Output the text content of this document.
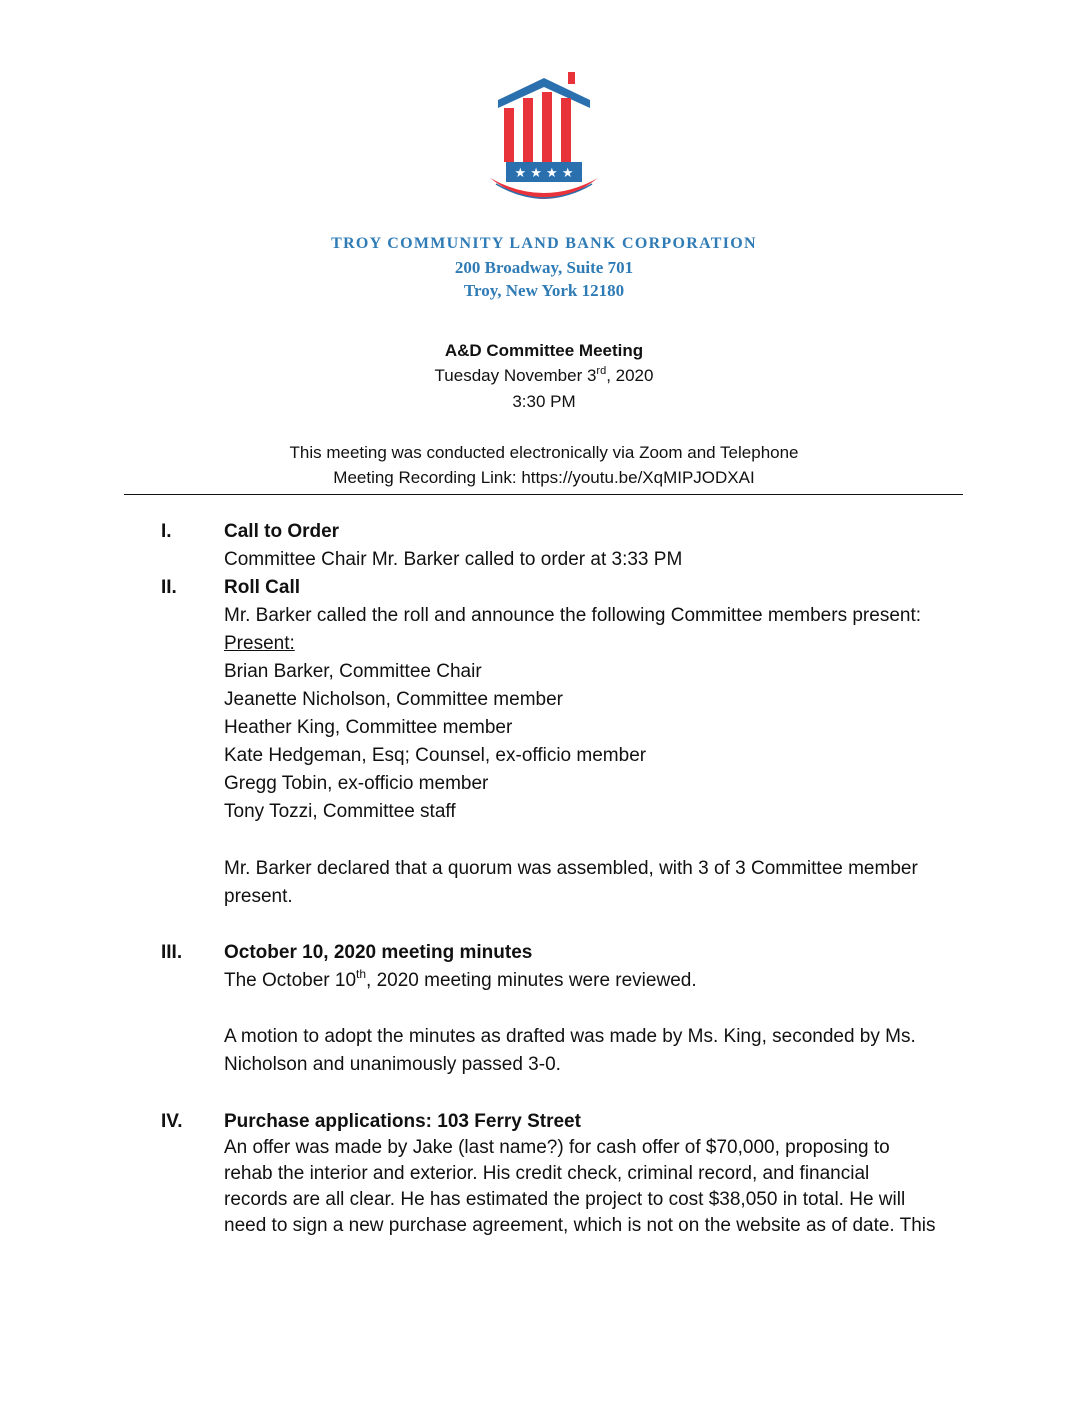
★ ★ ★ ★
TROY COMMUNITY LAND BANK CORPORATION
200 Broadway, Suite 701
Troy, New York 12180
A&D Committee Meeting
Tuesday November 3rd, 2020
3:30 PM
This meeting was conducted electronically via Zoom and Telephone
Meeting Recording Link: https://youtu.be/XqMIPJODXAI
I.	Call to Order
Committee Chair Mr. Barker called to order at 3:33 PM
II. Roll Call
Mr. Barker called the roll and announce the following Committee members present:
Present:
Brian Barker, Committee Chair
Jeanette Nicholson, Committee member
Heather King, Committee member
Kate Hedgeman, Esq; Counsel, ex-officio member
Gregg Tobin, ex-officio member
Tony Tozzi, Committee staff
Mr. Barker declared that a quorum was assembled, with 3 of 3 Committee member
present.
III. October 10, 2020 meeting minutes
The October 10th, 2020 meeting minutes were reviewed.
A motion to adopt the minutes as drafted was made by Ms. King, seconded by Ms.
Nicholson and unanimously passed 3-0.
IV. Purchase applications: 103 Ferry Street
An offer was made by Jake (last name?) for cash offer of $70,000, proposing to
rehab the interior and exterior. His credit check, criminal record, and financial
records are all clear. He has estimated the project to cost $38,050 in total. He will
need to sign a new purchase agreement, which is not on the website as of date. This
